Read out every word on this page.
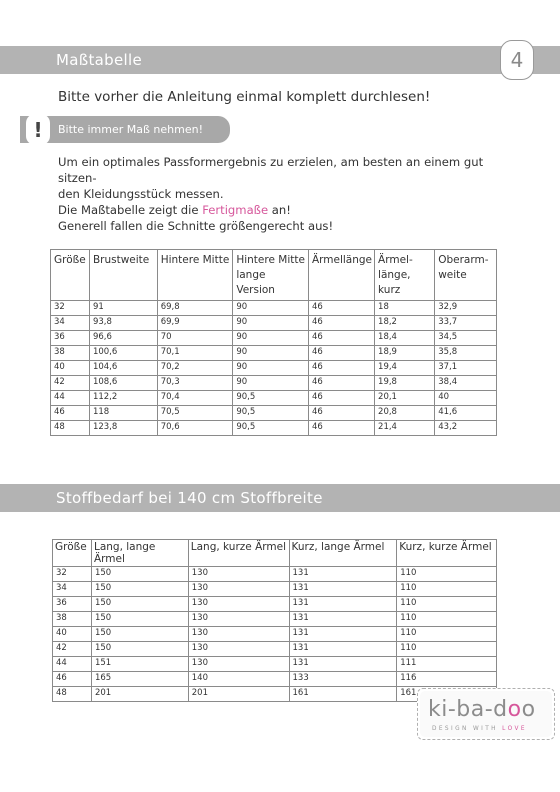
Maßtabelle	4
Bitte vorher die Anleitung einmal komplett durchlesen!
!	Bitte immer Maß nehmen!
Um ein optimales Passformergebnis zu erzielen, am besten an einem gut sitzen-
den Kleidungsstück messen.
Die Maßtabelle zeigt die Fertigmaße an!
Generell fallen die Schnitte größengerecht aus!
Größe	Brustweite	Hintere Mitte	Hintere Mitte lange Version	Ärmellänge	Ärmel-länge, kurz	Oberarm-weite
32	91	69,8	90	46	18	32,9
34	93,8	69,9	90	46	18,2	33,7
36	96,6	70	90	46	18,4	34,5
38	100,6	70,1	90	46	18,9	35,8
40	104,6	70,2	90	46	19,4	37,1
42	108,6	70,3	90	46	19,8	38,4
44	112,2	70,4	90,5	46	20,1	40
46	118	70,5	90,5	46	20,8	41,6
48	123,8	70,6	90,5	46	21,4	43,2
Stoffbedarf bei 140 cm Stoffbreite
Größe	Lang, lange Ärmel	Lang, kurze Ärmel	Kurz, lange Ärmel	Kurz, kurze Ärmel
32	150	130	131	110
34	150	130	131	110
36	150	130	131	110
38	150	130	131	110
40	150	130	131	110
42	150	130	131	110
44	151	130	131	111
46	165	140	133	116
48	201	201	161	161
ki-ba-doo
DESIGN WITH LOVE
